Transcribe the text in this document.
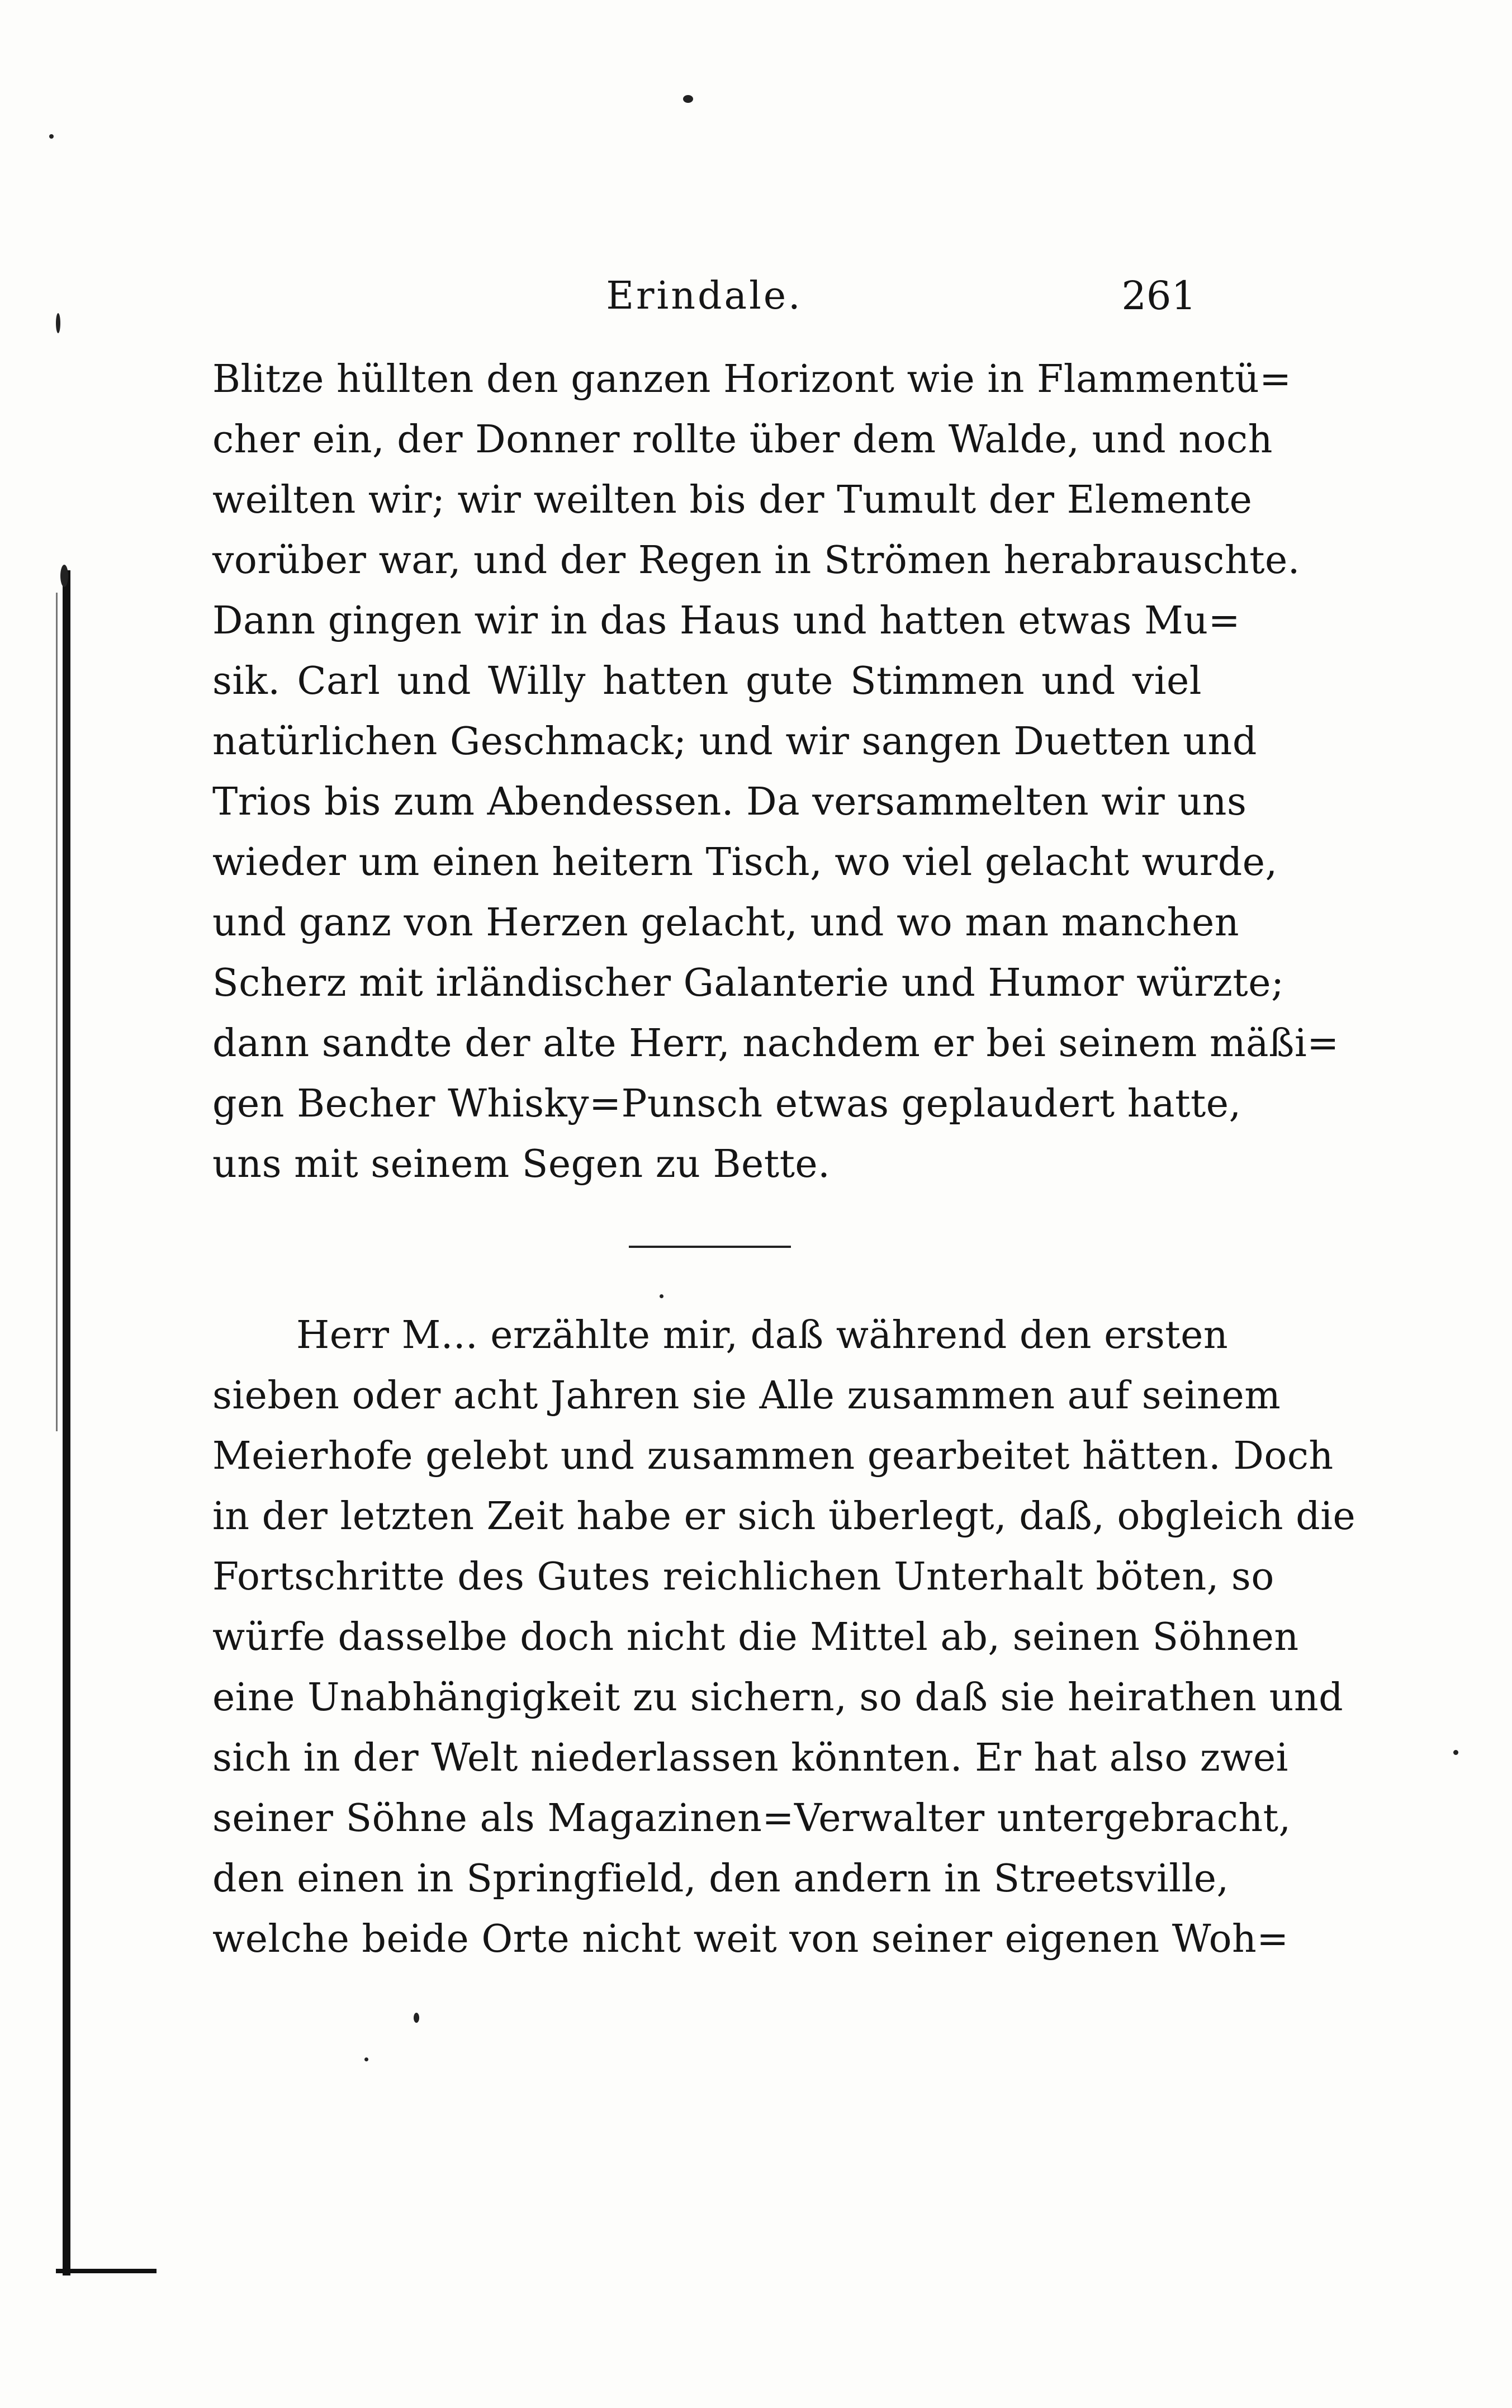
Erindale.	261

Blitze hüllten den ganzen Horizont wie in Flammentü=
cher ein, der Donner rollte über dem Walde, und noch
weilten wir; wir weilten bis der Tumult der Elemente
vorüber war, und der Regen in Strömen herabrauschte.
Dann gingen wir in das Haus und hatten etwas Mu=
sik. Carl und Willy hatten gute Stimmen und viel
natürlichen Geschmack; und wir sangen Duetten und
Trios bis zum Abendessen. Da versammelten wir uns
wieder um einen heitern Tisch, wo viel gelacht wurde,
und ganz von Herzen gelacht, und wo man manchen
Scherz mit irländischer Galanterie und Humor würzte;
dann sandte der alte Herr, nachdem er bei seinem mäßi=
gen Becher Whisky=Punsch etwas geplaudert hatte,
uns mit seinem Segen zu Bette.

Herr M... erzählte mir, daß während den ersten
sieben oder acht Jahren sie Alle zusammen auf seinem
Meierhofe gelebt und zusammen gearbeitet hätten. Doch
in der letzten Zeit habe er sich überlegt, daß, obgleich die
Fortschritte des Gutes reichlichen Unterhalt böten, so
würfe dasselbe doch nicht die Mittel ab, seinen Söhnen
eine Unabhängigkeit zu sichern, so daß sie heirathen und
sich in der Welt niederlassen könnten. Er hat also zwei
seiner Söhne als Magazinen=Verwalter untergebracht,
den einen in Springfield, den andern in Streetsville,
welche beide Orte nicht weit von seiner eigenen Woh=
